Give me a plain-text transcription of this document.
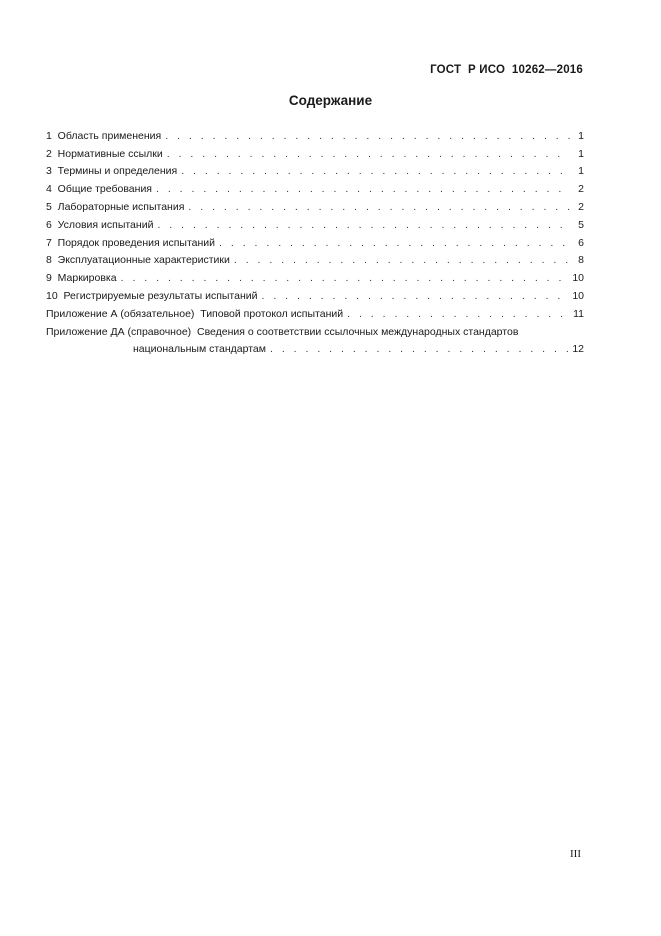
ГОСТ  Р ИСО  10262—2016
Содержание
1  Область применения . . .	1
2  Нормативные ссылки . . .	1
3  Термины и определения . . .	1
4  Общие требования . . .	2
5  Лабораторные испытания . . .	2
6  Условия испытаний . . .	5
7  Порядок проведения испытаний . . .	6
8  Эксплуатационные характеристики . . .	8
9  Маркировка . . .	10
10  Регистрируемые результаты испытаний . . .	10
Приложение А (обязательное)  Типовой протокол испытаний . . .	11
Приложение ДА (справочное)  Сведения о соответствии ссылочных международных стандартов
национальным стандартам . . .	12
III
